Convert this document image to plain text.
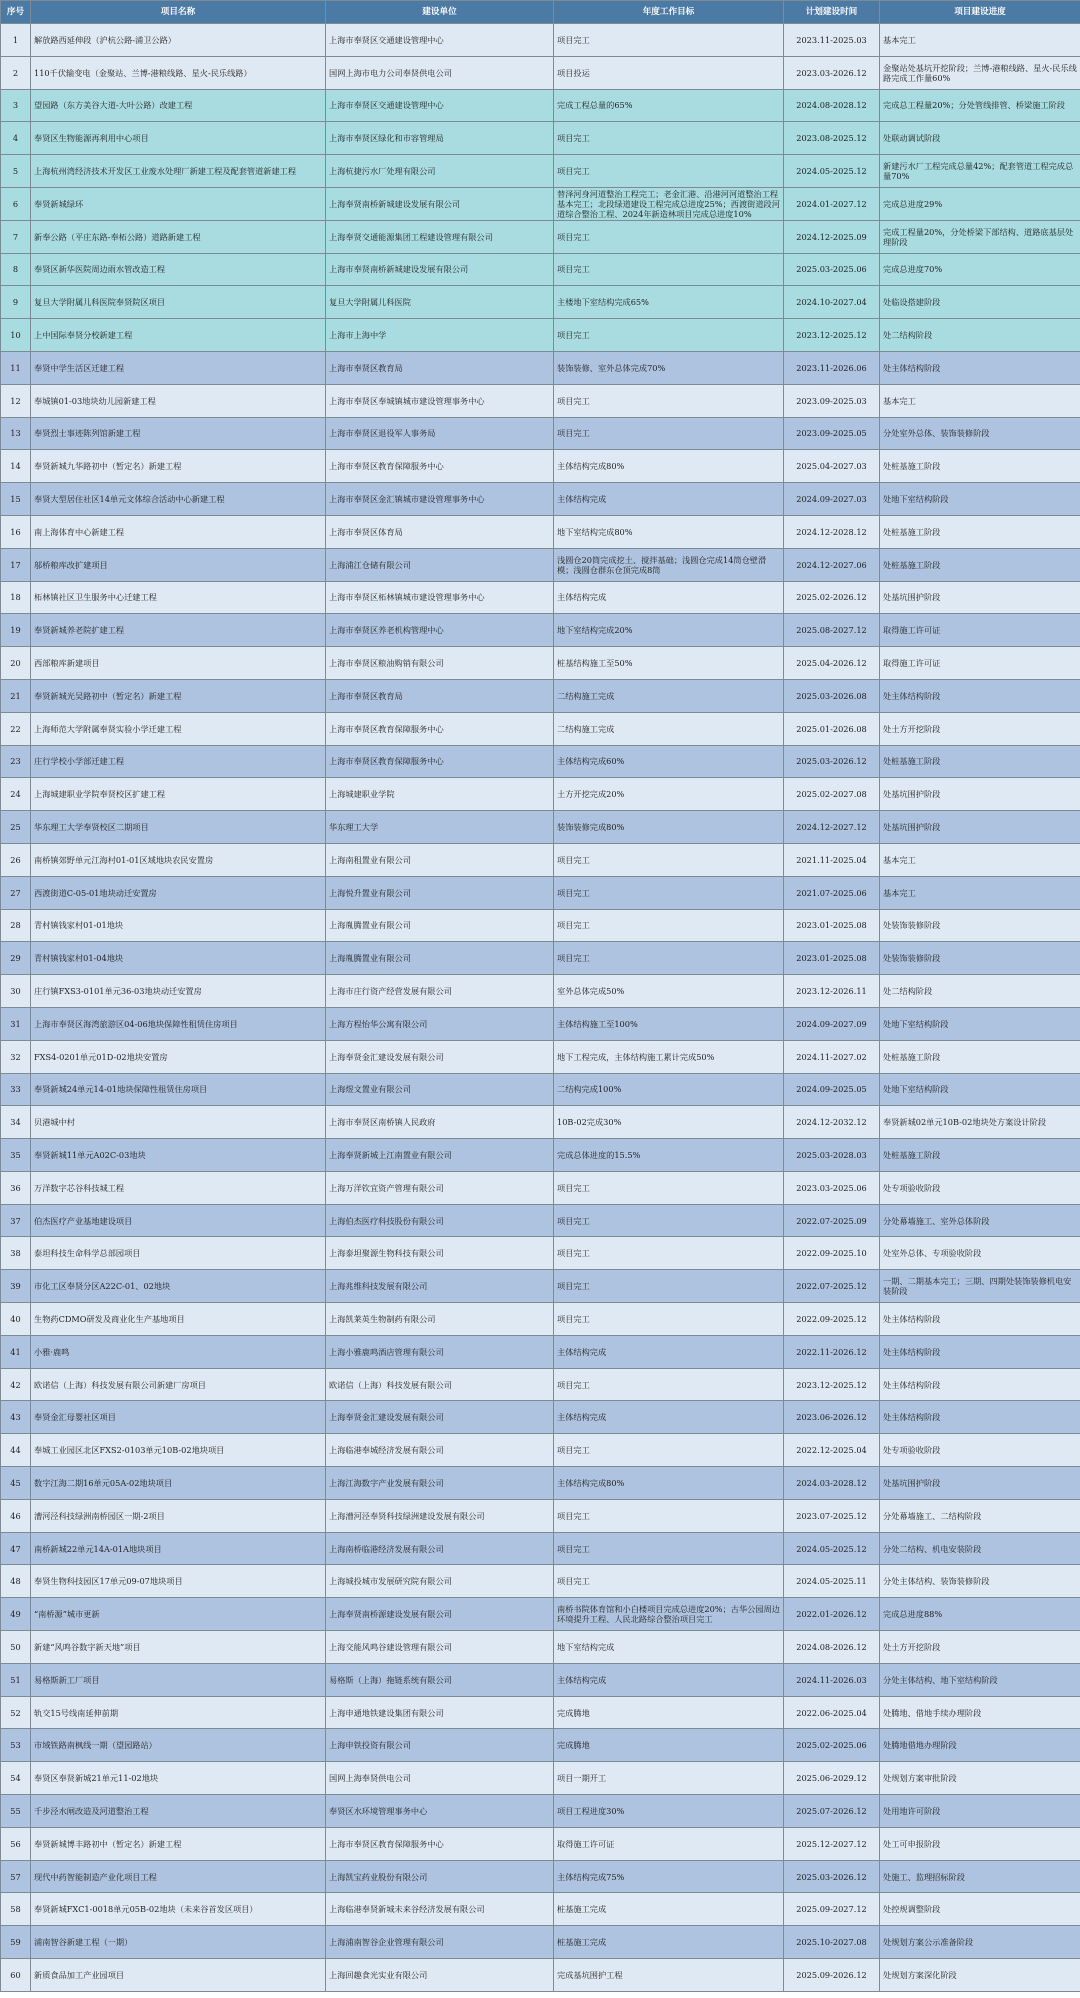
序号	项目名称	建设单位	年度工作目标	计划建设时间	项目建设进度
1	解放路西延伸段（沪杭公路-浦卫公路）	上海市奉贤区交通建设管理中心	项目完工	2023.11-2025.03	基本完工
2	110千伏输变电（金聚站、兰博-港粮线路、星火-民乐线路）	国网上海市电力公司奉贤供电公司	项目投运	2023.03-2026.12	金聚站处基坑开挖阶段；兰博-港粮线路、星火-民乐线路完成工作量60%
3	望园路（东方美谷大道-大叶公路）改建工程	上海市奉贤区交通建设管理中心	完成工程总量的65%	2024.08-2028.12	完成总工程量20%；分处管线排管、桥梁施工阶段
4	奉贤区生物能源再利用中心项目	上海市奉贤区绿化和市容管理局	项目完工	2023.08-2025.12	处联动调试阶段
5	上海杭州湾经济技术开发区工业废水处理厂新建工程及配套管道新建工程	上海杭捷污水厂处理有限公司	项目完工	2024.05-2025.12	新建污水厂工程完成总量42%；配套管道工程完成总量70%
6	奉贤新城绿环	上海奉贤南桥新城建设发展有限公司	替泽河身河道整治工程完工；老金汇港、沿港河河道整治工程基本完工；北段绿道建设工程完成总进度25%；西渡街道段河道综合整治工程、2024年新造林项目完成总进度10%	2024.01-2027.12	完成总进度29%
7	新奉公路（平庄东路-奉柘公路）道路新建工程	上海奉贤交通能源集团工程建设管理有限公司	项目完工	2024.12-2025.09	完成工程量20%，分处桥梁下部结构、道路底基层处理阶段
8	奉贤区新华医院周边雨水管改造工程	上海市奉贤南桥新城建设发展有限公司	项目完工	2025.03-2025.06	完成总进度70%
9	复旦大学附属儿科医院奉贤院区项目	复旦大学附属儿科医院	主楼地下室结构完成65%	2024.10-2027.04	处临设搭建阶段
10	上中国际奉贤分校新建工程	上海市上海中学	项目完工	2023.12-2025.12	处二结构阶段
11	奉贤中学生活区迁建工程	上海市奉贤区教育局	装饰装修、室外总体完成70%	2023.11-2026.06	处主体结构阶段
12	奉城镇01-03地块幼儿园新建工程	上海市奉贤区奉城镇城市建设管理事务中心	项目完工	2023.09-2025.03	基本完工
13	奉贤烈士事迹陈列馆新建工程	上海市奉贤区退役军人事务局	项目完工	2023.09-2025.05	分处室外总体、装饰装修阶段
14	奉贤新城九华路初中（暂定名）新建工程	上海市奉贤区教育保障服务中心	主体结构完成80%	2025.04-2027.03	处桩基施工阶段
15	奉贤大型居住社区14单元文体综合活动中心新建工程	上海市奉贤区金汇镇城市建设管理事务中心	主体结构完成	2024.09-2027.03	处地下室结构阶段
16	南上海体育中心新建工程	上海市奉贤区体育局	地下室结构完成80%	2024.12-2028.12	处桩基施工阶段
17	邬桥粮库改扩建项目	上海浦江仓储有限公司	浅圆仓20筒完成挖土、搅拌基础；浅圆仓完成14筒仓壁滑模；浅圆仓群东仓顶完成8筒	2024.12-2027.06	处桩基施工阶段
18	柘林镇社区卫生服务中心迁建工程	上海市奉贤区柘林镇城市建设管理事务中心	主体结构完成	2025.02-2026.12	处基坑围护阶段
19	奉贤新城养老院扩建工程	上海市奉贤区养老机构管理中心	地下室结构完成20%	2025.08-2027.12	取得施工许可证
20	西部粮库新建项目	上海市奉贤区粮油购销有限公司	桩基结构施工至50%	2025.04-2026.12	取得施工许可证
21	奉贤新城光吴路初中（暂定名）新建工程	上海市奉贤区教育局	二结构施工完成	2025.03-2026.08	处主体结构阶段
22	上海师范大学附属奉贤实验小学迁建工程	上海市奉贤区教育保障服务中心	二结构施工完成	2025.01-2026.08	处土方开挖阶段
23	庄行学校小学部迁建工程	上海市奉贤区教育保障服务中心	主体结构完成60%	2025.03-2026.12	处桩基施工阶段
24	上海城建职业学院奉贤校区扩建工程	上海城建职业学院	土方开挖完成20%	2025.02-2027.08	处基坑围护阶段
25	华东理工大学奉贤校区二期项目	华东理工大学	装饰装修完成80%	2024.12-2027.12	处基坑围护阶段
26	南桥镇郊野单元江海村01-01区域地块农民安置房	上海南租置业有限公司	项目完工	2021.11-2025.04	基本完工
27	西渡街道C-05-01地块动迁安置房	上海悦升置业有限公司	项目完工	2021.07-2025.06	基本完工
28	青村镇钱家村01-01地块	上海胤腾置业有限公司	项目完工	2023.01-2025.08	处装饰装修阶段
29	青村镇钱家村01-04地块	上海胤腾置业有限公司	项目完工	2023.01-2025.08	处装饰装修阶段
30	庄行镇FXS3-0101单元36-03地块动迁安置房	上海市庄行资产经营发展有限公司	室外总体完成50%	2023.12-2026.11	处二结构阶段
31	上海市奉贤区海湾旅游区04-06地块保障性租赁住房项目	上海方程怡华公寓有限公司	主体结构施工至100%	2024.09-2027.09	处地下室结构阶段
32	FXS4-0201单元01D-02地块安置房	上海奉贤金汇建设发展有限公司	地下工程完成，主体结构施工累计完成50%	2024.11-2027.02	处桩基施工阶段
33	奉贤新城24单元14-01地块保障性租赁住房项目	上海煜文置业有限公司	二结构完成100%	2024.09-2025.05	处地下室结构阶段
34	贝港城中村	上海市奉贤区南桥镇人民政府	10B-02完成30%	2024.12-2032.12	奉贤新城02单元10B-02地块处方案设计阶段
35	奉贤新城11单元A02C-03地块	上海奉贤新城上江南置业有限公司	完成总体进度的15.5%	2025.03-2028.03	处桩基施工阶段
36	万洋数字芯谷科技城工程	上海万洋钦宜资产管理有限公司	项目完工	2023.03-2025.06	处专项验收阶段
37	伯杰医疗产业基地建设项目	上海伯杰医疗科技股份有限公司	项目完工	2022.07-2025.09	分处幕墙施工、室外总体阶段
38	泰坦科技生命科学总部园项目	上海泰坦聚源生物科技有限公司	项目完工	2022.09-2025.10	处室外总体、专项验收阶段
39	市化工区奉贤分区A22C-01、02地块	上海兆维科技发展有限公司	项目完工	2022.07-2025.12	一期、二期基本完工；三期、四期处装饰装修机电安装阶段
40	生物药CDMO研发及商业化生产基地项目	上海凯莱英生物制药有限公司	项目完工	2022.09-2025.12	处主体结构阶段
41	小雅·鹿鸣	上海小雅鹿鸣酒店管理有限公司	主体结构完成	2022.11-2026.12	处主体结构阶段
42	欧诺信（上海）科技发展有限公司新建厂房项目	欧诺信（上海）科技发展有限公司	项目完工	2023.12-2025.12	处主体结构阶段
43	奉贤金汇母婴社区项目	上海奉贤金汇建设发展有限公司	主体结构完成	2023.06-2026.12	处主体结构阶段
44	奉城工业园区北区FXS2-0103单元10B-02地块项目	上海临港奉城经济发展有限公司	项目完工	2022.12-2025.04	处专项验收阶段
45	数字江海二期16单元05A-02地块项目	上海江海数字产业发展有限公司	主体结构完成80%	2024.03-2028.12	处基坑围护阶段
46	漕河泾科技绿洲南桥园区一期-2项目	上海漕河泾奉贤科技绿洲建设发展有限公司	项目完工	2023.07-2025.12	分处幕墙施工、二结构阶段
47	南桥新城22单元14A-01A地块项目	上海南桥临港经济发展有限公司	项目完工	2024.05-2025.12	分处二结构、机电安装阶段
48	奉贤生物科技园区17单元09-07地块项目	上海城投城市发展研究院有限公司	项目完工	2024.05-2025.11	分处主体结构、装饰装修阶段
49	“南桥源”城市更新	上海奉贤南桥源建设发展有限公司	南桥书院体育馆和小白楼项目完成总进度20%；古华公园周边环境提升工程、人民北路综合整治项目完工	2022.01-2026.12	完成总进度88%
50	新建“风鸣谷数字新天地”项目	上海交能风鸣谷建设管理有限公司	地下室结构完成	2024.08-2026.12	处土方开挖阶段
51	易格斯新工厂项目	易格斯（上海）拖链系统有限公司	主体结构完成	2024.11-2026.03	分处主体结构、地下室结构阶段
52	轨交15号线南延伸前期	上海申通地铁建设集团有限公司	完成腾地	2022.06-2025.04	处腾地、借地手续办理阶段
53	市域铁路南枫线一期（望园路站）	上海申铁投资有限公司	完成腾地	2025.02-2025.06	处腾地借地办理阶段
54	奉贤区奉贤新城21单元11-02地块	国网上海奉贤供电公司	项目一期开工	2025.06-2029.12	处规划方案审批阶段
55	千步泾水闸改造及河道整治工程	奉贤区水环境管理事务中心	项目工程进度30%	2025.07-2026.12	处用地许可阶段
56	奉贤新城博丰路初中（暂定名）新建工程	上海市奉贤区教育保障服务中心	取得施工许可证	2025.12-2027.12	处工可申报阶段
57	现代中药智能制造产业化项目工程	上海凯宝药业股份有限公司	主体结构完成75%	2025.03-2026.12	处施工、监理招标阶段
58	奉贤新城FXC1-0018单元05B-02地块（未来谷首发区项目）	上海临港奉贤新城未来谷经济发展有限公司	桩基施工完成	2025.09-2027.12	处控规调整阶段
59	浦南智谷新建工程（一期）	上海浦南智谷企业管理有限公司	桩基施工完成	2025.10-2027.08	处规划方案公示准备阶段
60	新质食品加工产业园项目	上海回趣食光实业有限公司	完成基坑围护工程	2025.09-2026.12	处规划方案深化阶段
